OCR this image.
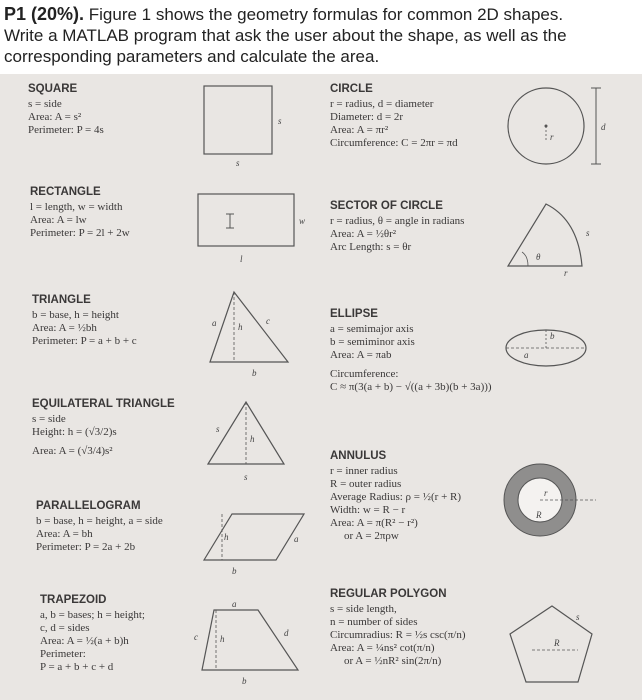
P1 (20%). Figure 1 shows the geometry formulas for common 2D shapes.
Write a MATLAB program that ask the user about the shape, as well as the
corresponding parameters and calculate the area.
SQUARE
s = side
Area: A = s²
Perimeter: P = 4s
s
s
CIRCLE
r = radius, d = diameter
Diameter: d = 2r
Area: A = πr²
Circumference: C = 2πr = πd	r
d
RECTANGLE
l = length, w = width
Area: A = lw
Perimeter: P = 2l + 2w
w
l
SECTOR OF CIRCLE
r = radius, θ = angle in radians
Area: A = ½θr²
Arc Length: s = θr
θ
s
r
TRIANGLE
b = base, h = height
Area: A = ½bh
Perimeter: P = a + b + c
a h
c
b
ELLIPSE
a = semimajor axis
b = semiminor axis
Area: A = πab
Circumference:
C ≈ π(3(a + b) − √((a + 3b)(b + 3a)))
b
a
EQUILATERAL TRIANGLE
s = side
Height: h = (√3/2)s
Area: A = (√3/4)s²
s
h
s
ANNULUS
r = inner radius
R = outer radius
Average Radius: ρ = ½(r + R)
Width: w = R − r
Area: A = π(R² − r²)
or A = 2πρw
r
R
PARALLELOGRAM
b = base, h = height, a = side
Area: A = bh
Perimeter: P = 2a + 2b
h	a
b
TRAPEZOID
a, b = bases; h = height;
c, d = sides
Area: A = ½(a + b)h
Perimeter:
P = a + b + c + d
a
c h
d
b
REGULAR POLYGON
s = side length,
n = number of sides
Circumradius: R = ½s csc(π/n)
Area: A = ¼ns² cot(π/n)
or A = ½nR² sin(2π/n)
R
s
